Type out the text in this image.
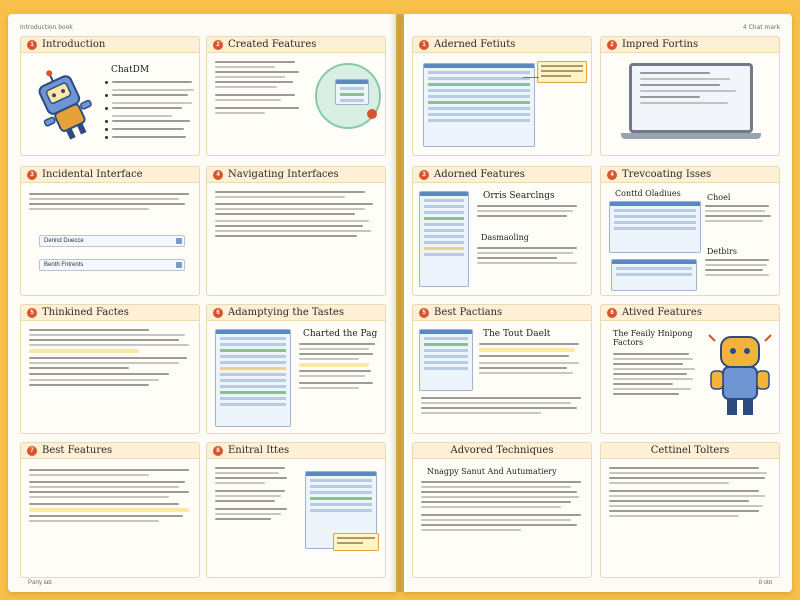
Introduction book
1 Introduction
ChatDM
2 Created Features
3 Incidental Interface
Derind Duecce
Benth Fntrents
4 Navigating Interfaces
5 Thinkined Factes	6 Adamptying the Tastes
Charted the Pag
7 Best Features	8 Enitral Ittes
Party lab
4 Chat mark
1 Aderned Fetiuts	2 Impred Fortins
3 Adorned Features
Orris Searclngs
Dasmaoling
4 Trevcoating Isses
Conttd Oladiues	Choel
Detbirs
5 Best Pactians
The Tout Daelt
6 Atived Features
The Feaily Hnipong Factors
Advored Techniques
Nnagpy Sanut And Autumatiery
Cettinel Tolters
8 obt
